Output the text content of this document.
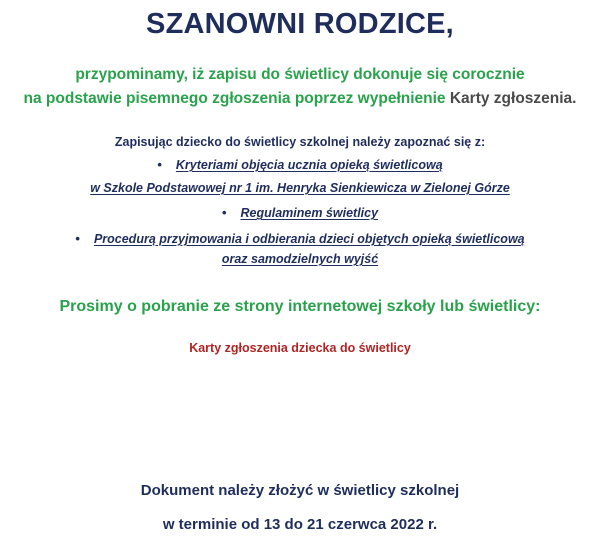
SZANOWNI RODZICE,
przypominamy, iż zapisu do świetlicy dokonuje się corocznie
na podstawie pisemnego zgłoszenia poprzez wypełnienie Karty zgłoszenia.
Zapisując dziecko do świetlicy szkolnej należy zapoznać się z:
• Kryteriami objęcia ucznia opieką świetlicową
w Szkole Podstawowej nr 1 im. Henryka Sienkiewicza w Zielonej Górze
• Regulaminem świetlicy
• Procedurą przyjmowania i odbierania dzieci objętych opieką świetlicową
oraz samodzielnych wyjść
Prosimy o pobranie ze strony internetowej szkoły lub świetlicy:
Karty zgłoszenia dziecka do świetlicy
Dokument należy złożyć w świetlicy szkolnej
w terminie od 13 do 21 czerwca 2022 r.
